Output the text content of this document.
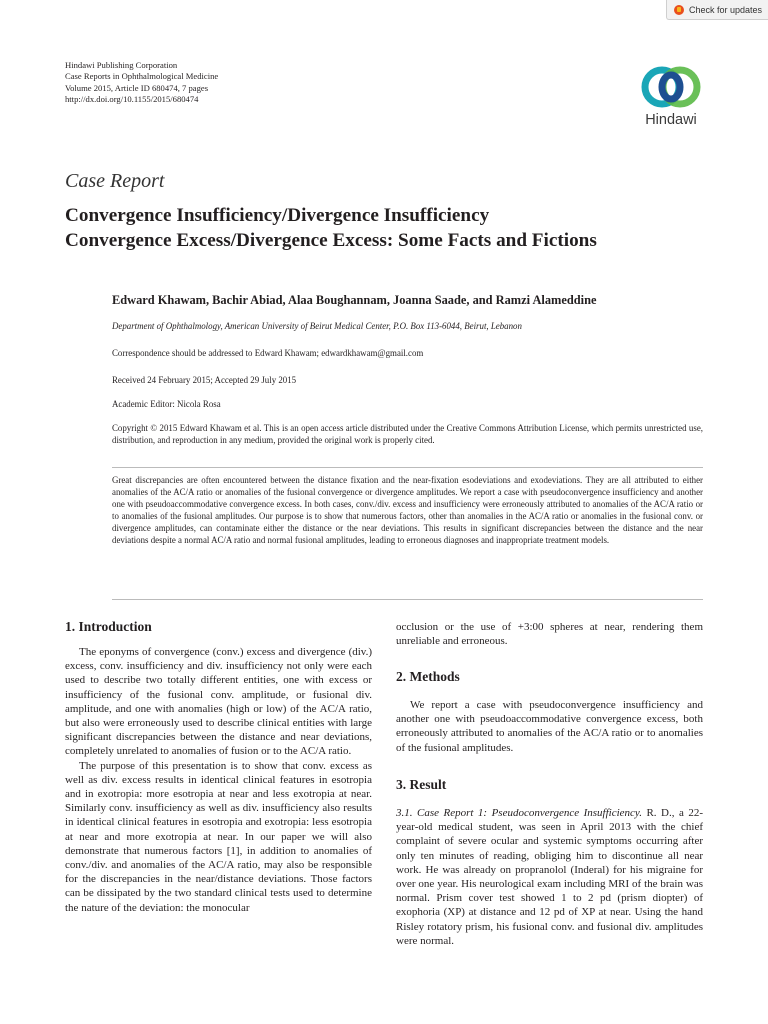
Check for updates
Hindawi Publishing Corporation
Case Reports in Ophthalmological Medicine
Volume 2015, Article ID 680474, 7 pages
http://dx.doi.org/10.1155/2015/680474
Hindawi
Case Report
Convergence Insufficiency/Divergence Insufficiency
Convergence Excess/Divergence Excess: Some Facts and Fictions
Edward Khawam, Bachir Abiad, Alaa Boughannam, Joanna Saade, and Ramzi Alameddine
Department of Ophthalmology, American University of Beirut Medical Center, P.O. Box 113-6044, Beirut, Lebanon
Correspondence should be addressed to Edward Khawam; edwardkhawam@gmail.com
Received 24 February 2015; Accepted 29 July 2015
Academic Editor: Nicola Rosa
Copyright © 2015 Edward Khawam et al. This is an open access article distributed under the Creative Commons Attribution License, which permits unrestricted use, distribution, and reproduction in any medium, provided the original work is properly cited.
Great discrepancies are often encountered between the distance fixation and the near-fixation esodeviations and exodeviations. They are all attributed to either anomalies of the AC/A ratio or anomalies of the fusional convergence or divergence amplitudes. We report a case with pseudoconvergence insufficiency and another one with pseudoaccommodative convergence excess. In both cases, conv./div. excess and insufficiency were erroneously attributed to anomalies of the AC/A ratio or to anomalies of the fusional amplitudes. Our purpose is to show that numerous factors, other than anomalies in the AC/A ratio or anomalies in the fusional conv. or divergence amplitudes, can contaminate either the distance or the near deviations. This results in significant discrepancies between the distance and the near deviations despite a normal AC/A ratio and normal fusional amplitudes, leading to erroneous diagnoses and inappropriate treatment models.
1. Introduction

The eponyms of convergence (conv.) excess and divergence (div.) excess, conv. insufficiency and div. insufficiency not only were each used to describe two totally different entities, one with excess or insufficiency of the fusional conv. amplitude, or fusional div. amplitude, and one with anomalies (high or low) of the AC/A ratio, but also were erroneously used to describe clinical entities with large significant discrepancies between the distance and near deviations, completely unrelated to anomalies of fusion or to the AC/A ratio.

The purpose of this presentation is to show that conv. excess as well as div. excess results in identical clinical features in esotropia and in exotropia: more esotropia at near and less exotropia at near. Similarly conv. insufficiency as well as div. insufficiency also results in identical clinical features in esotropia and exotropia: less esotropia at near and more exotropia at near. In our paper we will also demonstrate that numerous factors [1], in addition to anomalies of conv./div. and anomalies of the AC/A ratio, may also be responsible for the discrepancies in the near/distance deviations. Those factors can be dissipated by the two standard clinical tests used to determine the nature of the deviation: the monocular

occlusion or the use of +3:00 spheres at near, rendering them unreliable and erroneous.
2. Methods

We report a case with pseudoconvergence insufficiency and another one with pseudoaccommodative convergence excess, both erroneously attributed to anomalies of the AC/A ratio or to anomalies of the fusional amplitudes.

3. Result

3.1. Case Report 1: Pseudoconvergence Insufficiency. R. D., a 22-year-old medical student, was seen in April 2013 with the chief complaint of severe ocular and systemic symptoms occurring after only ten minutes of reading, obliging him to discontinue all near work. He was already on propranolol (Inderal) for his migraine for over one year. His neurological exam including MRI of the brain was normal. Prism cover test showed 1 to 2 pd (prism diopter) of exophoria (XP) at distance and 12 pd of XP at near. Using the hand Risley rotatory prism, his fusional conv. and fusional div. amplitudes were normal.
